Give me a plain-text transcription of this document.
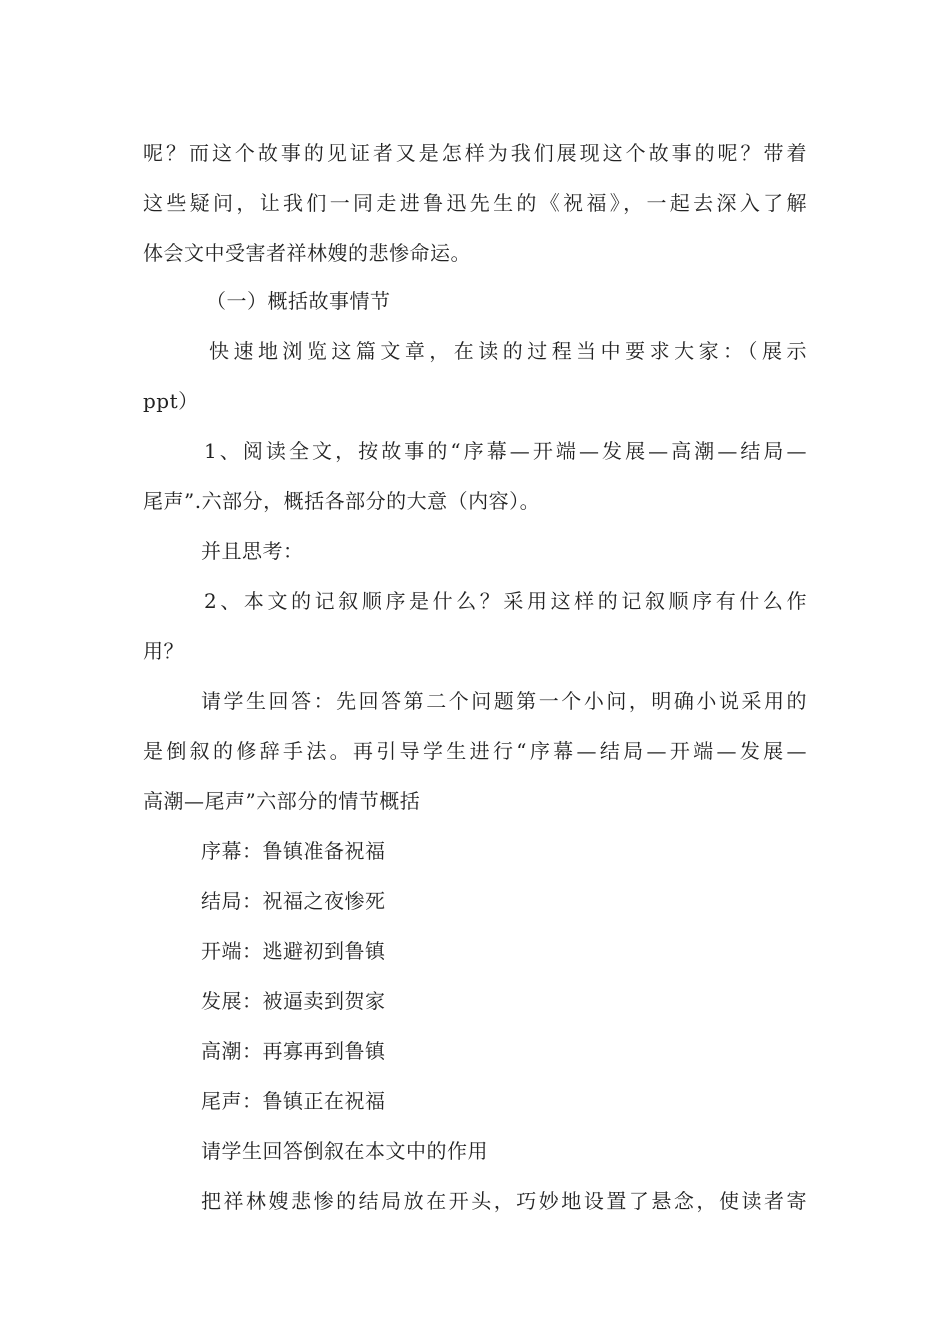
呢？而这个故事的见证者又是怎样为我们展现这个故事的呢？带着
这些疑问，让我们一同走进鲁迅先生的《祝福》，一起去深入了解
体会文中受害者祥林嫂的悲惨命运。
（一）概括故事情节
快速地浏览这篇文章，在读的过程当中要求大家：（展示
ppt）
1、阅读全文，按故事的“序幕—开端—发展—高潮—结局—
尾声”.六部分，概括各部分的大意（内容）。
并且思考：
2、本文的记叙顺序是什么？采用这样的记叙顺序有什么作
用？
请学生回答：先回答第二个问题第一个小问，明确小说采用的
是倒叙的修辞手法。再引导学生进行“序幕—结局—开端—发展—
高潮—尾声”六部分的情节概括
序幕：鲁镇准备祝福
结局：祝福之夜惨死
开端：逃避初到鲁镇
发展：被逼卖到贺家
高潮：再寡再到鲁镇
尾声：鲁镇正在祝福
请学生回答倒叙在本文中的作用
把祥林嫂悲惨的结局放在开头，巧妙地设置了悬念，使读者寄
